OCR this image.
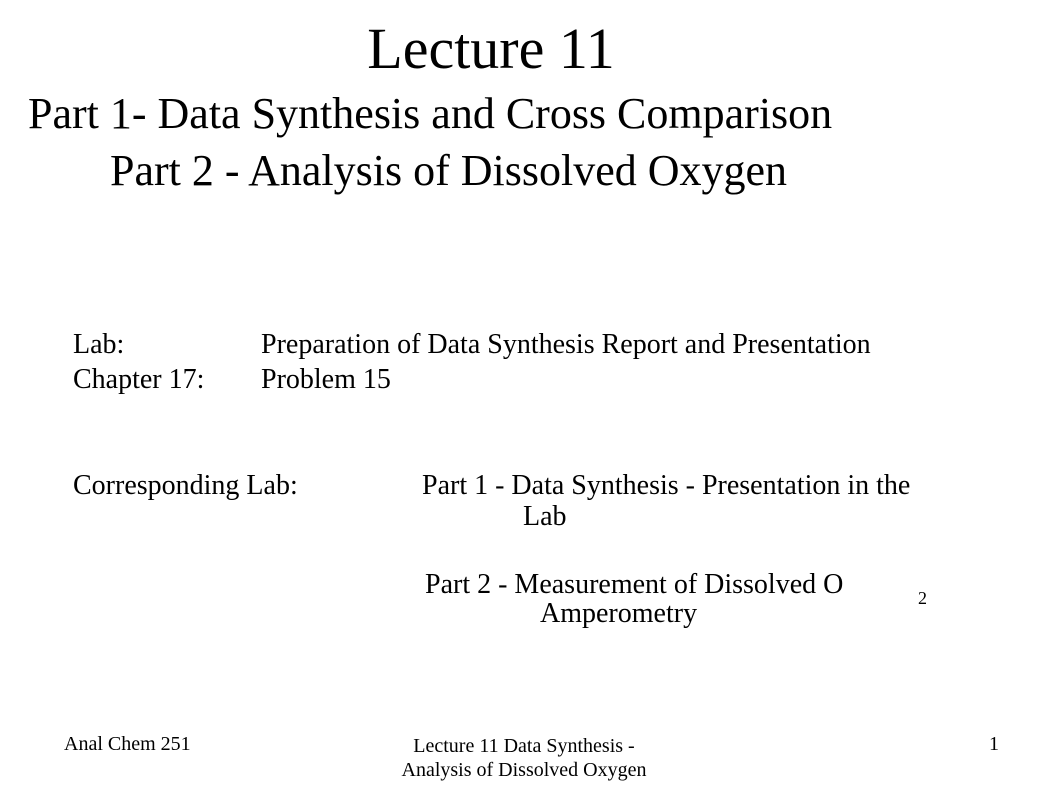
Lecture 11
Part 1- Data Synthesis and Cross Comparison
Part 2 - Analysis of Dissolved Oxygen
Lab:	Preparation of Data Synthesis Report and Presentation
Chapter 17: Problem 15
Corresponding Lab:	Part 1 - Data Synthesis - Presentation in the
Lab
Part 2 - Measurement of Dissolved O	2
Amperometry
Anal Chem 251	Lecture 11 Data Synthesis -
Analysis of Dissolved Oxygen
1
